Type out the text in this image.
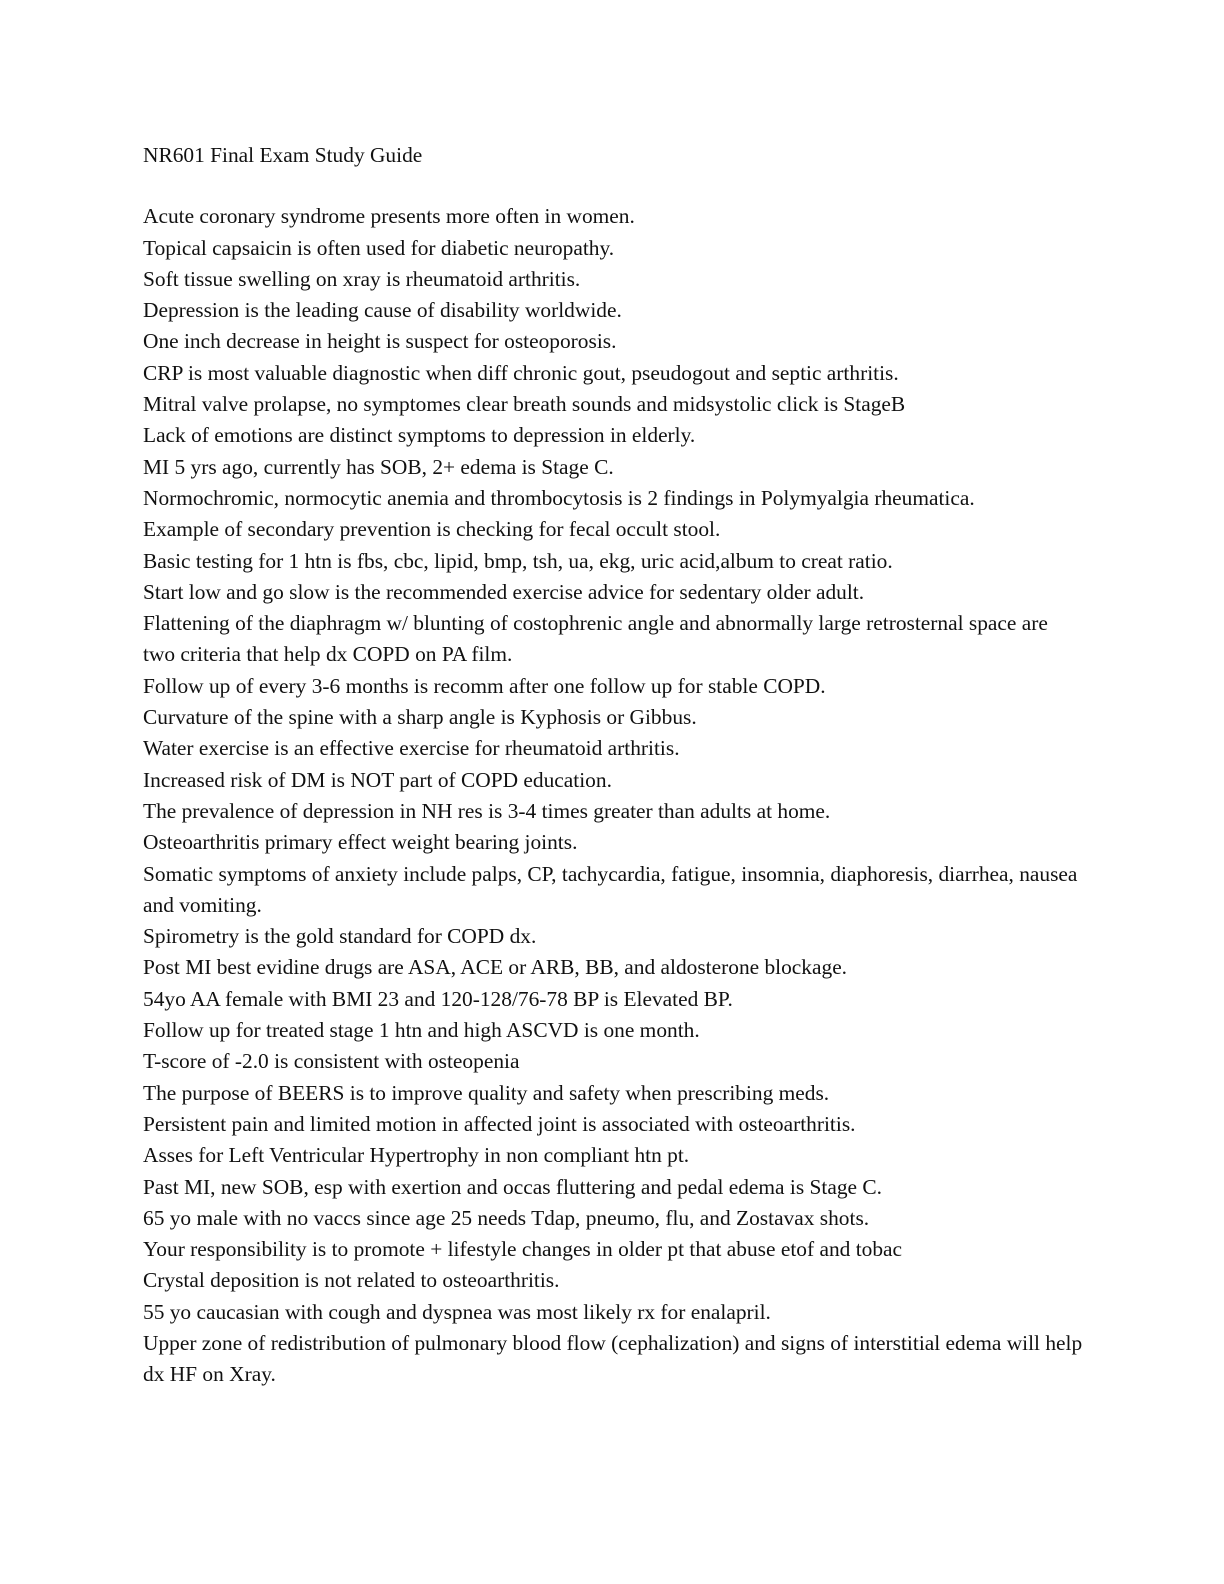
NR601 Final Exam Study Guide
Acute coronary syndrome presents more often in women.
Topical capsaicin is often used for diabetic neuropathy.
Soft tissue swelling on xray is rheumatoid arthritis.
Depression is the leading cause of disability worldwide.
One inch decrease in height is suspect for osteoporosis.
CRP is most valuable diagnostic when diff chronic gout, pseudogout and septic arthritis.
Mitral valve prolapse, no symptomes clear breath sounds and midsystolic click is StageB
Lack of emotions are distinct symptoms to depression in elderly.
MI 5 yrs ago, currently has SOB, 2+ edema is Stage C.
Normochromic, normocytic anemia and thrombocytosis is 2 findings in Polymyalgia rheumatica.
Example of secondary prevention is checking for fecal occult stool.
Basic testing for 1 htn is fbs, cbc, lipid, bmp, tsh, ua, ekg, uric acid,album to creat ratio.
Start low and go slow is the recommended exercise advice for sedentary older adult.
Flattening of the diaphragm w/ blunting of costophrenic angle and abnormally large retrosternal space are two criteria that help dx COPD on PA film.
Follow up of every 3-6 months is recomm after one follow up for stable COPD.
Curvature of the spine with a sharp angle is Kyphosis or Gibbus.
Water exercise is an effective exercise for rheumatoid arthritis.
Increased risk of DM is NOT part of COPD education.
The prevalence of depression in NH res is 3-4 times greater than adults at home.
Osteoarthritis primary effect weight bearing joints.
Somatic symptoms of anxiety include palps, CP, tachycardia, fatigue, insomnia, diaphoresis, diarrhea, nausea and vomiting.
Spirometry is the gold standard for COPD dx.
Post MI best evidine drugs are ASA, ACE or ARB, BB, and aldosterone blockage.
54yo AA female with BMI 23 and 120-128/76-78 BP is Elevated BP.
Follow up for treated stage 1 htn and high ASCVD is one month.
T-score of -2.0 is consistent with osteopenia
The purpose of BEERS is to improve quality and safety when prescribing meds.
Persistent pain and limited motion in affected joint is associated with osteoarthritis.
Asses for Left Ventricular Hypertrophy in non compliant htn pt.
Past MI, new SOB, esp with exertion and occas fluttering and pedal edema is Stage C.
65 yo male with no vaccs since age 25 needs Tdap, pneumo, flu, and Zostavax shots.
Your responsibility is to promote + lifestyle changes in older pt that abuse etof and tobac
Crystal deposition is not related to osteoarthritis.
55 yo caucasian with cough and dyspnea was most likely rx for enalapril.
Upper zone of redistribution of pulmonary blood flow (cephalization) and signs of interstitial edema will help dx HF on Xray.
